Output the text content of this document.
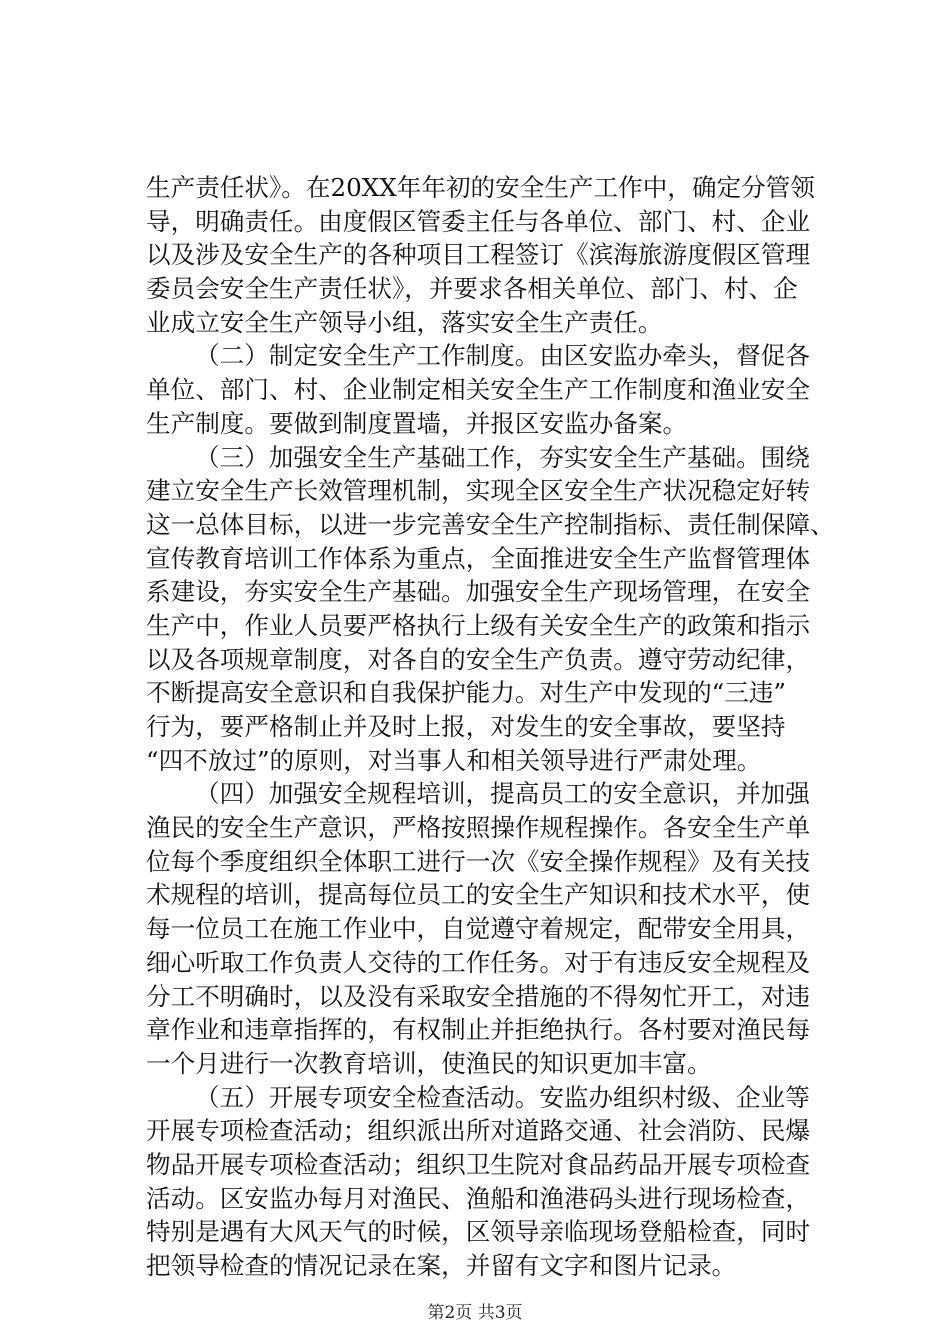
生产责任状》。在20XX年年初的安全生产工作中，确定分管领
导，明确责任。由度假区管委主任与各单位、部门、村、企业
以及涉及安全生产的各种项目工程签订《滨海旅游度假区管理
委员会安全生产责任状》，并要求各相关单位、部门、村、企
业成立安全生产领导小组，落实安全生产责任。
（二）制定安全生产工作制度。由区安监办牵头，督促各
单位、部门、村、企业制定相关安全生产工作制度和渔业安全
生产制度。要做到制度置墙，并报区安监办备案。
（三）加强安全生产基础工作，夯实安全生产基础。围绕
建立安全生产长效管理机制，实现全区安全生产状况稳定好转
这一总体目标，以进一步完善安全生产控制指标、责任制保障、
宣传教育培训工作体系为重点，全面推进安全生产监督管理体
系建设，夯实安全生产基础。加强安全生产现场管理，在安全
生产中，作业人员要严格执行上级有关安全生产的政策和指示
以及各项规章制度，对各自的安全生产负责。遵守劳动纪律，
不断提高安全意识和自我保护能力。对生产中发现的“三违”
行为，要严格制止并及时上报，对发生的安全事故，要坚持
“四不放过”的原则，对当事人和相关领导进行严肃处理。
（四）加强安全规程培训，提高员工的安全意识，并加强
渔民的安全生产意识，严格按照操作规程操作。各安全生产单
位每个季度组织全体职工进行一次《安全操作规程》及有关技
术规程的培训，提高每位员工的安全生产知识和技术水平，使
每一位员工在施工作业中，自觉遵守着规定，配带安全用具，
细心听取工作负责人交待的工作任务。对于有违反安全规程及
分工不明确时，以及没有采取安全措施的不得匆忙开工，对违
章作业和违章指挥的，有权制止并拒绝执行。各村要对渔民每
一个月进行一次教育培训，使渔民的知识更加丰富。
（五）开展专项安全检查活动。安监办组织村级、企业等
开展专项检查活动；组织派出所对道路交通、社会消防、民爆
物品开展专项检查活动；组织卫生院对食品药品开展专项检查
活动。区安监办每月对渔民、渔船和渔港码头进行现场检查，
特别是遇有大风天气的时候，区领导亲临现场登船检查，同时
把领导检查的情况记录在案，并留有文字和图片记录。
第2页 共3页
